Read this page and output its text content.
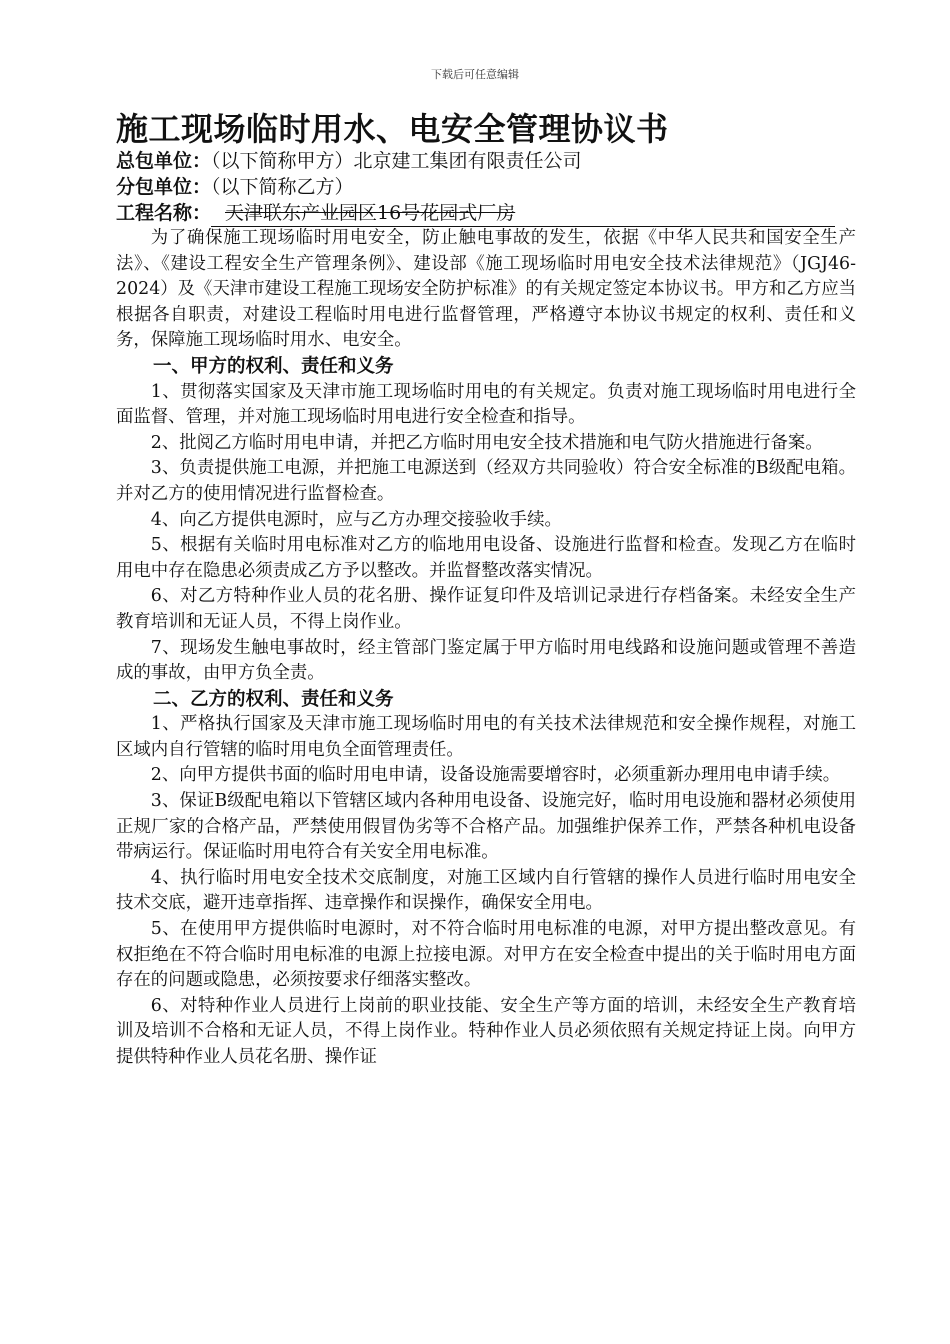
下载后可任意编辑
施工现场临时用水、电安全管理协议书
总包单位：（以下简称甲方）北京建工集团有限责任公司
分包单位：（以下简称乙方）
工程名称： 天津联东产业园区16号花园式厂房

为了确保施工现场临时用电安全，防止触电事故的发生，依据《中华人民共和国安全生产法》、《建设工程安全生产管理条例》、建设部《施工现场临时用电安全技术法律规范》（JGJ46-2024）及《天津市建设工程施工现场安全防护标准》的有关规定签定本协议书。甲方和乙方应当根据各自职责，对建设工程临时用电进行监督管理，严格遵守本协议书规定的权利、责任和义务，保障施工现场临时用水、电安全。

一、甲方的权利、责任和义务

1、贯彻落实国家及天津市施工现场临时用电的有关规定。负责对施工现场临时用电进行全面监督、管理，并对施工现场临时用电进行安全检查和指导。

2、批阅乙方临时用电申请，并把乙方临时用电安全技术措施和电气防火措施进行备案。

3、负责提供施工电源，并把施工电源送到（经双方共同验收）符合安全标准的B级配电箱。并对乙方的使用情况进行监督检查。

4、向乙方提供电源时，应与乙方办理交接验收手续。

5、根据有关临时用电标准对乙方的临地用电设备、设施进行监督和检查。发现乙方在临时用电中存在隐患必须责成乙方予以整改。并监督整改落实情况。

6、对乙方特种作业人员的花名册、操作证复印件及培训记录进行存档备案。未经安全生产教育培训和无证人员，不得上岗作业。

7、现场发生触电事故时，经主管部门鉴定属于甲方临时用电线路和设施问题或管理不善造成的事故，由甲方负全责。

二、乙方的权利、责任和义务

1、严格执行国家及天津市施工现场临时用电的有关技术法律规范和安全操作规程，对施工区域内自行管辖的临时用电负全面管理责任。

2、向甲方提供书面的临时用电申请，设备设施需要增容时，必须重新办理用电申请手续。

3、保证B级配电箱以下管辖区域内各种用电设备、设施完好，临时用电设施和器材必须使用正规厂家的合格产品，严禁使用假冒伪劣等不合格产品。加强维护保养工作，严禁各种机电设备带病运行。保证临时用电符合有关安全用电标准。

4、执行临时用电安全技术交底制度，对施工区域内自行管辖的操作人员进行临时用电安全技术交底，避开违章指挥、违章操作和误操作，确保安全用电。

5、在使用甲方提供临时电源时，对不符合临时用电标准的电源，对甲方提出整改意见。有权拒绝在不符合临时用电标准的电源上拉接电源。对甲方在安全检查中提出的关于临时用电方面存在的问题或隐患，必须按要求仔细落实整改。

6、对特种作业人员进行上岗前的职业技能、安全生产等方面的培训，未经安全生产教育培训及培训不合格和无证人员，不得上岗作业。特种作业人员必须依照有关规定持证上岗。向甲方提供特种作业人员花名册、操作证
